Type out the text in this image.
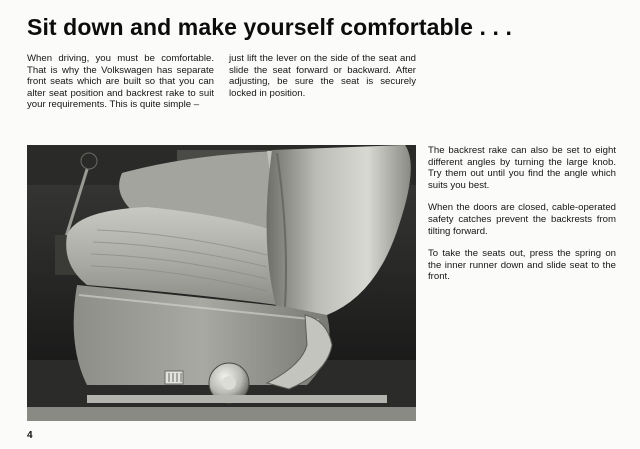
Sit down and make yourself comfortable . . .

When driving, you must be comfortable. That is why the Volkswagen has separate front seats which are built so that you can alter seat position and backrest rake to suit your requirements. This is quite simple –

just lift the lever on the side of the seat and slide the seat forward or backward. After adjusting, be sure the seat is securely locked in position.

The backrest rake can also be set to eight different angles by turning the large knob. Try them out until you find the angle which suits you best.

When the doors are closed, cable-operated safety catches prevent the backrests from tilting forward.

To take the seats out, press the spring on the inner runner down and slide seat to the front.

4
